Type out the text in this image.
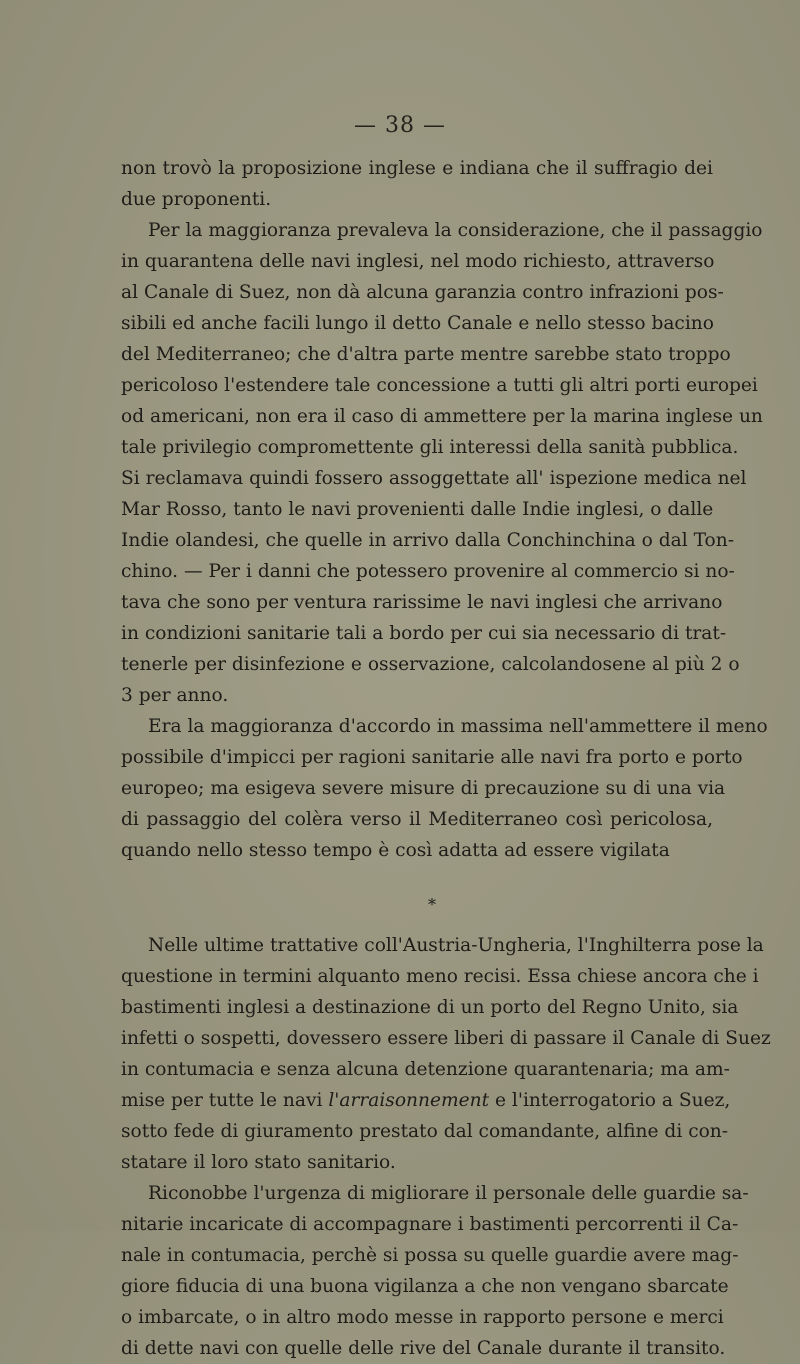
— 38 —
non trovò la proposizione inglese e indiana che il suffragio dei
due proponenti.
Per la maggioranza prevaleva la considerazione, che il passaggio
in quarantena delle navi inglesi, nel modo richiesto, attraverso
al Canale di Suez, non dà alcuna garanzia contro infrazioni pos-
sibili ed anche facili lungo il detto Canale e nello stesso bacino
del Mediterraneo; che d'altra parte mentre sarebbe stato troppo
pericoloso l'estendere tale concessione a tutti gli altri porti europei
od americani, non era il caso di ammettere per la marina inglese un
tale privilegio compromettente gli interessi della sanità pubblica.
Si reclamava quindi fossero assoggettate all' ispezione medica nel
Mar Rosso, tanto le navi provenienti dalle Indie inglesi, o dalle
Indie olandesi, che quelle in arrivo dalla Conchinchina o dal Ton-
chino. — Per i danni che potessero provenire al commercio si no-
tava che sono per ventura rarissime le navi inglesi che arrivano
in condizioni sanitarie tali a bordo per cui sia necessario di trat-
tenerle per disinfezione e osservazione, calcolandosene al più 2 o
3 per anno.
Era la maggioranza d'accordo in massima nell'ammettere il meno
possibile d'impicci per ragioni sanitarie alle navi fra porto e porto
europeo; ma esigeva severe misure di precauzione su di una via
di passaggio del colèra verso il Mediterraneo così pericolosa,
quando nello stesso tempo è così adatta ad essere vigilata
*
Nelle ultime trattative coll'Austria-Ungheria, l'Inghilterra pose la
questione in termini alquanto meno recisi. Essa chiese ancora che i
bastimenti inglesi a destinazione di un porto del Regno Unito, sia
infetti o sospetti, dovessero essere liberi di passare il Canale di Suez
in contumacia e senza alcuna detenzione quarantenaria; ma am-
mise per tutte le navi l'arraisonnement e l'interrogatorio a Suez,
sotto fede di giuramento prestato dal comandante, alfine di con-
statare il loro stato sanitario.
Riconobbe l'urgenza di migliorare il personale delle guardie sa-
nitarie incaricate di accompagnare i bastimenti percorrenti il Ca-
nale in contumacia, perchè si possa su quelle guardie avere mag-
giore fiducia di una buona vigilanza a che non vengano sbarcate
o imbarcate, o in altro modo messe in rapporto persone e merci
di dette navi con quelle delle rive del Canale durante il transito.
